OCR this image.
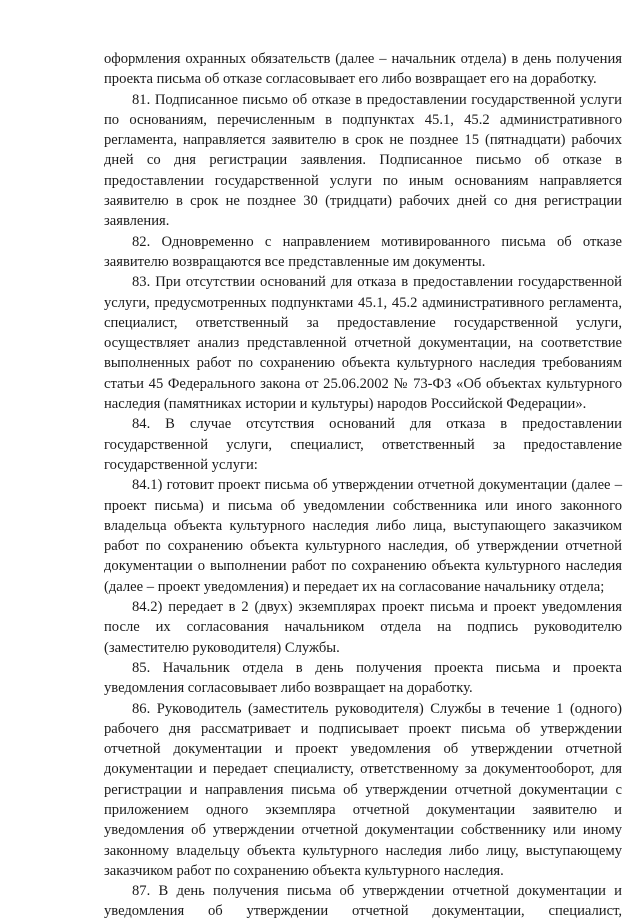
оформления охранных обязательств (далее – начальник отдела) в день получения проекта письма об отказе согласовывает его либо возвращает его на доработку.

81. Подписанное письмо об отказе в предоставлении государственной услуги по основаниям, перечисленным в подпунктах 45.1, 45.2 административного регламента, направляется заявителю в срок не позднее 15 (пятнадцати) рабочих дней со дня регистрации заявления. Подписанное письмо об отказе в предоставлении государственной услуги по иным основаниям направляется заявителю в срок не позднее 30 (тридцати) рабочих дней со дня регистрации заявления.

82. Одновременно с направлением мотивированного письма об отказе заявителю возвращаются все представленные им документы.

83. При отсутствии оснований для отказа в предоставлении государственной услуги, предусмотренных подпунктами 45.1, 45.2 административного регламента, специалист, ответственный за предоставление государственной услуги, осуществляет анализ представленной отчетной документации, на соответствие выполненных работ по сохранению объекта культурного наследия требованиям статьи 45 Федерального закона от 25.06.2002 № 73-ФЗ «Об объектах культурного наследия (памятниках истории и культуры) народов Российской Федерации».

84. В случае отсутствия оснований для отказа в предоставлении государственной услуги, специалист, ответственный за предоставление государственной услуги:

84.1) готовит проект письма об утверждении отчетной документации (далее – проект письма) и письма об уведомлении собственника или иного законного владельца объекта культурного наследия либо лица, выступающего заказчиком работ по сохранению объекта культурного наследия, об утверждении отчетной документации о выполнении работ по сохранению объекта культурного наследия (далее – проект уведомления) и передает их на согласование начальнику отдела;

84.2) передает в 2 (двух) экземплярах проект письма и проект уведомления после их согласования начальником отдела на подпись руководителю (заместителю руководителя) Службы.

85. Начальник отдела в день получения проекта письма и проекта уведомления согласовывает либо возвращает на доработку.

86. Руководитель (заместитель руководителя) Службы в течение 1 (одного) рабочего дня рассматривает и подписывает проект письма об утверждении отчетной документации и проект уведомления об утверждении отчетной документации и передает специалисту, ответственному за документооборот, для регистрации и направления письма об утверждении отчетной документации с приложением одного экземпляра отчетной документации заявителю и уведомления об утверждении отчетной документации собственнику или иному законному владельцу объекта культурного наследия либо лицу, выступающему заказчиком работ по сохранению объекта культурного наследия.

87. В день получения письма об утверждении отчетной документации и уведомления об утверждении отчетной документации, специалист,
